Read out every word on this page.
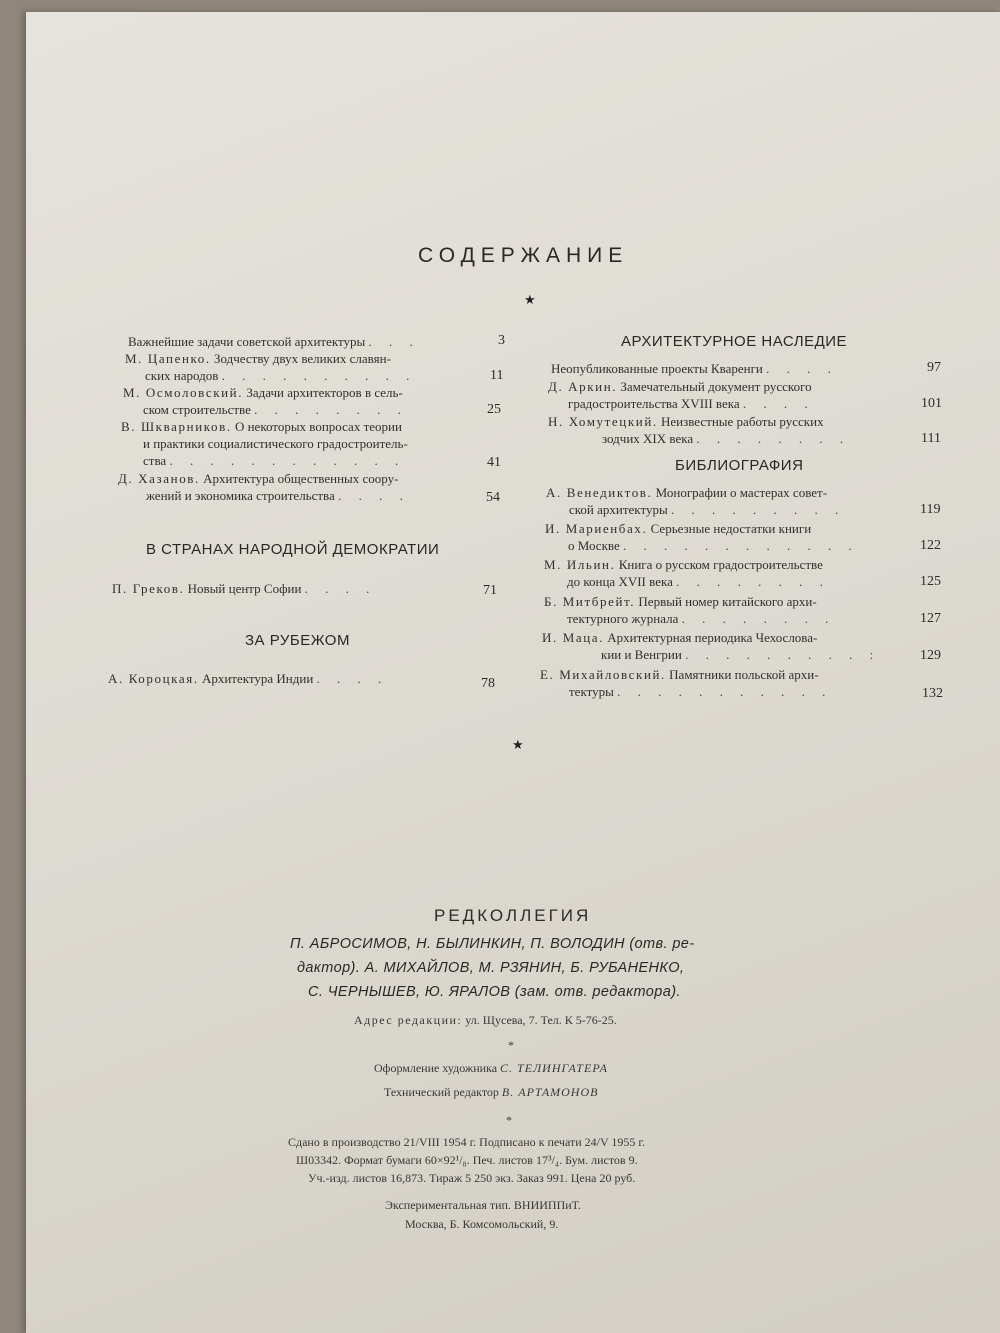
СОДЕРЖАНИЕ
★
Важнейшие задачи советской архитектуры . . .	3
М. Цапенко. Зодчеству двух великих славян-
ских народов . . . . . . . . . .	11
М. Осмоловский. Задачи архитекторов в сель-
ском строительстве . . . . . . . .	25
В. Шкварников. О некоторых вопросах теории
и практики социалистического градостроитель-
ства . . . . . . . . . . . .	41
Д. Хазанов. Архитектура общественных соору-
жений и экономика строительства . . . .	54
В СТРАНАХ НАРОДНОЙ ДЕМОКРАТИИ
П. Греков. Новый центр Софии . . . .	71
ЗА РУБЕЖОМ
А. Короцкая. Архитектура Индии . . . .	78
АРХИТЕКТУРНОЕ НАСЛЕДИЕ
Неопубликованные проекты Кваренги . . . .	97
Д. Аркин. Замечательный документ русского
градостроительства XVIII века . . . .	101
Н. Хомутецкий. Неизвестные работы русских
зодчих XIX века . . . . . . . .	111
БИБЛИОГРАФИЯ
А. Венедиктов. Монографии о мастерах совет-
ской архитектуры . . . . . . . . .	119
И. Мариенбах. Серьезные недостатки книги
о Москве . . . . . . . . . . . .	122
М. Ильин. Книга о русском градостроительстве
до конца XVII века . . . . . . . .	125
Б. Митбрейт. Первый номер китайского архи-
тектурного журнала . . . . . . . .	127
И. Маца. Архитектурная периодика Чехослова-
кии и Венгрии . . . . . . . . . :	129
Е. Михайловский. Памятники польской архи-
тектуры . . . . . . . . . . .	132
★
РЕДКОЛЛЕГИЯ
П. АБРОСИМОВ, Н. БЫЛИНКИН, П. ВОЛОДИН (отв. ре-
дактор). А. МИХАЙЛОВ, М. РЗЯНИН, Б. РУБАНЕНКО,
С. ЧЕРНЫШЕВ, Ю. ЯРАЛОВ (зам. отв. редактора).
Адрес редакции: ул. Щусева, 7. Тел. К 5-76-25.
*
Оформление художника С. ТЕЛИНГАТЕРА
Технический редактор В. АРТАМОНОВ
*
Сдано в производство 21/VIII 1954 г. Подписано к печати 24/V 1955 г.
Ш03342. Формат бумаги 60×92¹/₈. Печ. листов 17³/₄. Бум. листов 9.
Уч.-изд. листов 16,873. Тираж 5 250 экз. Заказ 991. Цена 20 руб.
Экспериментальная тип. ВНИИППиТ.
Москва, Б. Комсомольский, 9.
